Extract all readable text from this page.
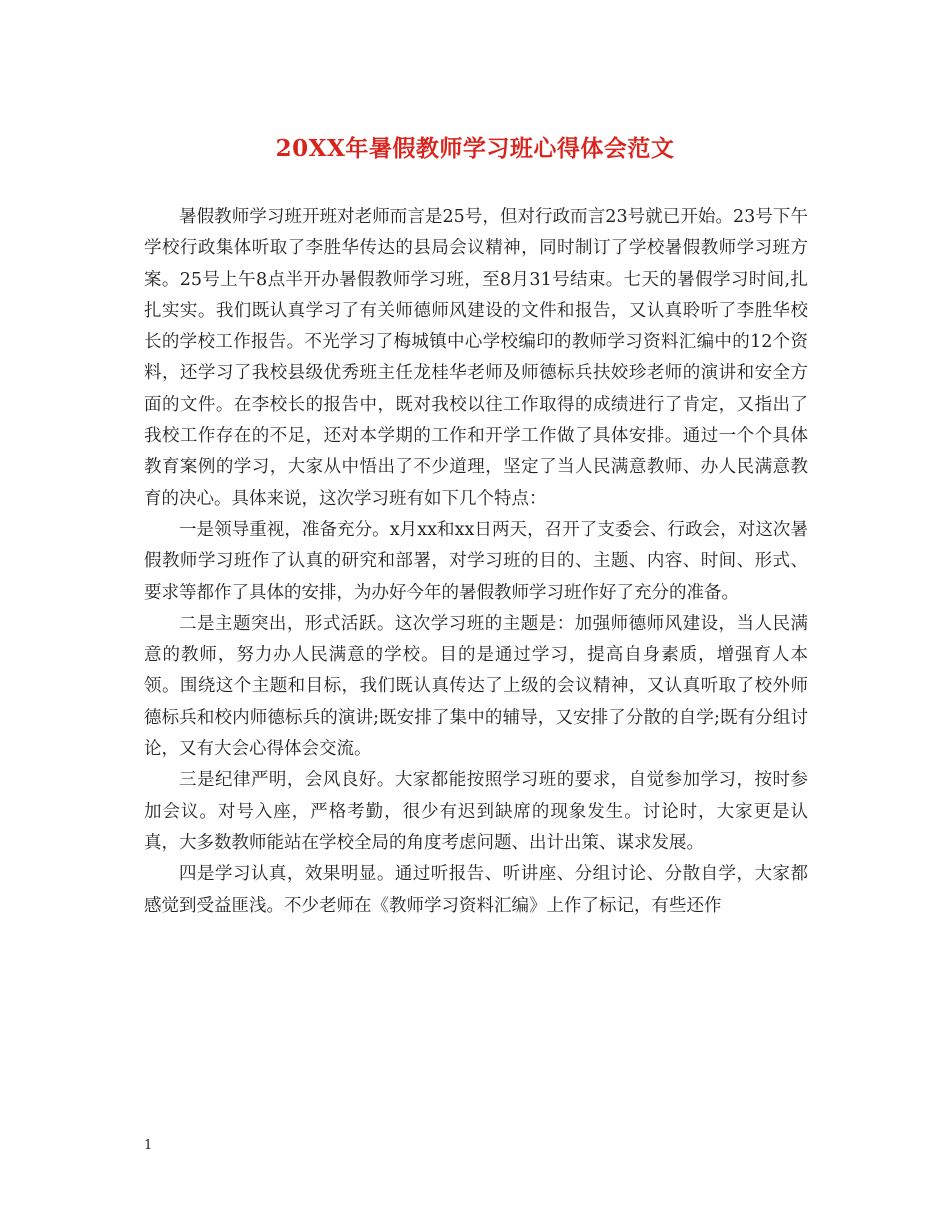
20XX年暑假教师学习班心得体会范文

暑假教师学习班开班对老师而言是25号，但对行政而言23号就已开始。23号下午学校行政集体听取了李胜华传达的县局会议精神，同时制订了学校暑假教师学习班方案。25号上午8点半开办暑假教师学习班，至8月31号结束。七天的暑假学习时间,扎扎实实。我们既认真学习了有关师德师风建设的文件和报告，又认真聆听了李胜华校长的学校工作报告。不光学习了梅城镇中心学校编印的教师学习资料汇编中的12个资料，还学习了我校县级优秀班主任龙桂华老师及师德标兵扶姣珍老师的演讲和安全方面的文件。在李校长的报告中，既对我校以往工作取得的成绩进行了肯定，又指出了我校工作存在的不足，还对本学期的工作和开学工作做了具体安排。通过一个个具体教育案例的学习，大家从中悟出了不少道理，坚定了当人民满意教师、办人民满意教育的决心。具体来说，这次学习班有如下几个特点：

一是领导重视，准备充分。x月xx和xx日两天，召开了支委会、行政会，对这次暑假教师学习班作了认真的研究和部署，对学习班的目的、主题、内容、时间、形式、要求等都作了具体的安排，为办好今年的暑假教师学习班作好了充分的准备。

二是主题突出，形式活跃。这次学习班的主题是：加强师德师风建设，当人民满意的教师，努力办人民满意的学校。目的是通过学习，提高自身素质，增强育人本领。围绕这个主题和目标，我们既认真传达了上级的会议精神，又认真听取了校外师德标兵和校内师德标兵的演讲;既安排了集中的辅导，又安排了分散的自学;既有分组讨论，又有大会心得体会交流。

三是纪律严明，会风良好。大家都能按照学习班的要求，自觉参加学习，按时参加会议。对号入座，严格考勤，很少有迟到缺席的现象发生。讨论时，大家更是认真，大多数教师能站在学校全局的角度考虑问题、出计出策、谋求发展。

四是学习认真，效果明显。通过听报告、听讲座、分组讨论、分散自学，大家都感觉到受益匪浅。不少老师在《教师学习资料汇编》上作了标记，有些还作

1
